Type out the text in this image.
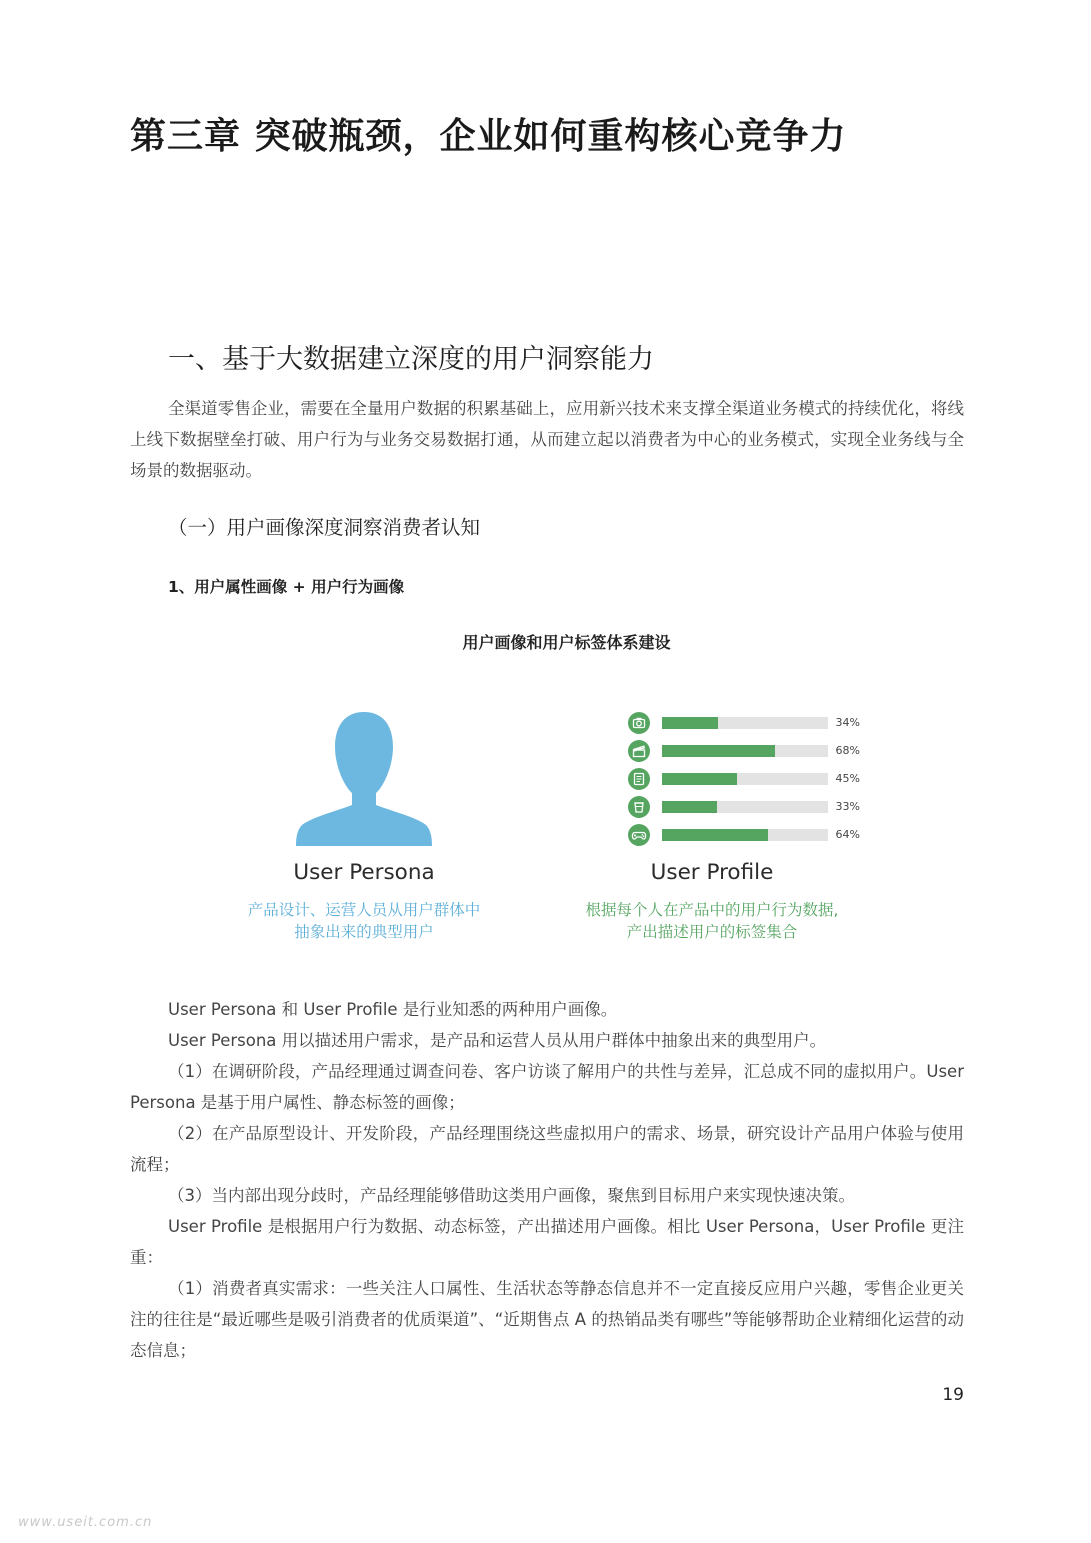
第三章 突破瓶颈，企业如何重构核心竞争力
一、基于大数据建立深度的用户洞察能力

全渠道零售企业，需要在全量用户数据的积累基础上，应用新兴技术来支撑全渠道业务模式的持续优化，将线上线下数据壁垒打破、用户行为与业务交易数据打通，从而建立起以消费者为中心的业务模式，实现全业务线与全场景的数据驱动。

（一）用户画像深度洞察消费者认知
1、用户属性画像 + 用户行为画像
用户画像和用户标签体系建设
User Persona
产品设计、运营人员从用户群体中
抽象出来的典型用户
34%
68%
45%
33%
64%
User Profile
根据每个人在产品中的用户行为数据,
产出描述用户的标签集合

User Persona 和 User Profile 是行业知悉的两种用户画像。

User Persona 用以描述用户需求，是产品和运营人员从用户群体中抽象出来的典型用户。

（1）在调研阶段，产品经理通过调查问卷、客户访谈了解用户的共性与差异，汇总成不同的虚拟用户。User Persona 是基于用户属性、静态标签的画像；

（2）在产品原型设计、开发阶段，产品经理围绕这些虚拟用户的需求、场景，研究设计产品用户体验与使用流程；

（3）当内部出现分歧时，产品经理能够借助这类用户画像，聚焦到目标用户来实现快速决策。

User Profile 是根据用户行为数据、动态标签，产出描述用户画像。相比 User Persona，User Profile 更注重：

（1）消费者真实需求：一些关注人口属性、生活状态等静态信息并不一定直接反应用户兴趣，零售企业更关注的往往是“最近哪些是吸引消费者的优质渠道”、“近期售点 A 的热销品类有哪些”等能够帮助企业精细化运营的动态信息；

19
www.useit.com.cn
